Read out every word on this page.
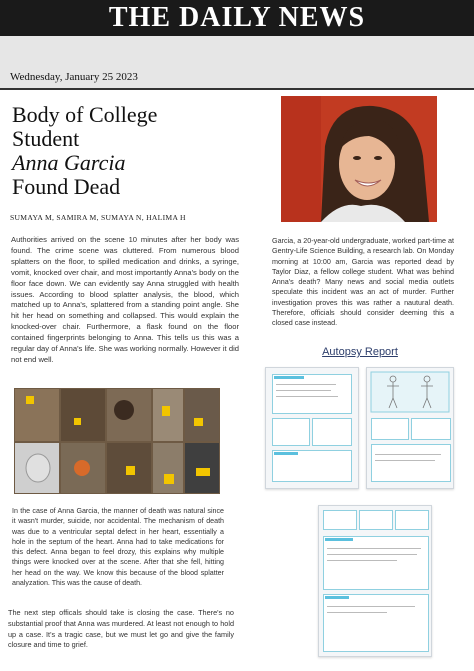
THE DAILY NEWS
Wednesday, January 25 2023
Body of College
Student
Anna Garcia
Found Dead
SUMAYA M, SAMIRA M, SUMAYA N, HALIMA H
Authorities arrived on the scene 10 minutes after her body was found. The crime scene was cluttered. From numerous blood splatters on the floor, to spilled medication and drinks, a syringe, vomit, knocked over chair, and most importantly Anna's body on the floor face down. We can evidently say Anna struggled with health issues. According to blood splatter analysis, the blood, which matched up to Anna's, splattered from a standing point angle. She hit her head on something and collapsed. This would explain the knocked-over chair. Furthermore, a flask found on the floor contained fingerprints belonging to Anna. This tells us this was a regular day of Anna's life. She was working normally. However it did not end well.
Garcia, a 20-year-old undergraduate, worked part-time at Gentry-Life Science Building, a research lab. On Monday morning at 10:00 am, Garcia was reported dead by Taylor Diaz, a fellow college student. What was behind Anna's death? Many news and social media outlets speculate this incident was an act of murder. Further investigation proves this was rather a nautural death. Therefore, officials should consider deeming this a closed case instead.
Autopsy Report
In the case of Anna Garcia, the manner of death was natural since it wasn't murder, suicide, nor accidental. The mechanism of death was due to a ventricular septal defect in her heart, essentially a hole in the septum of the heart. Anna had to take medications for this defect. Anna began to feel drozy, this explains why multiple things were knocked over at the scene. After that she fell, hitting her head on the way. We know this because of the blood splatter analyzation. This was the cause of death.
The next step officals should take is closing the case. There's no substantial proof that Anna was murdered. At least not enough to hold up a case. It's a tragic case, but we must let go and give the family closure and time to grief.
